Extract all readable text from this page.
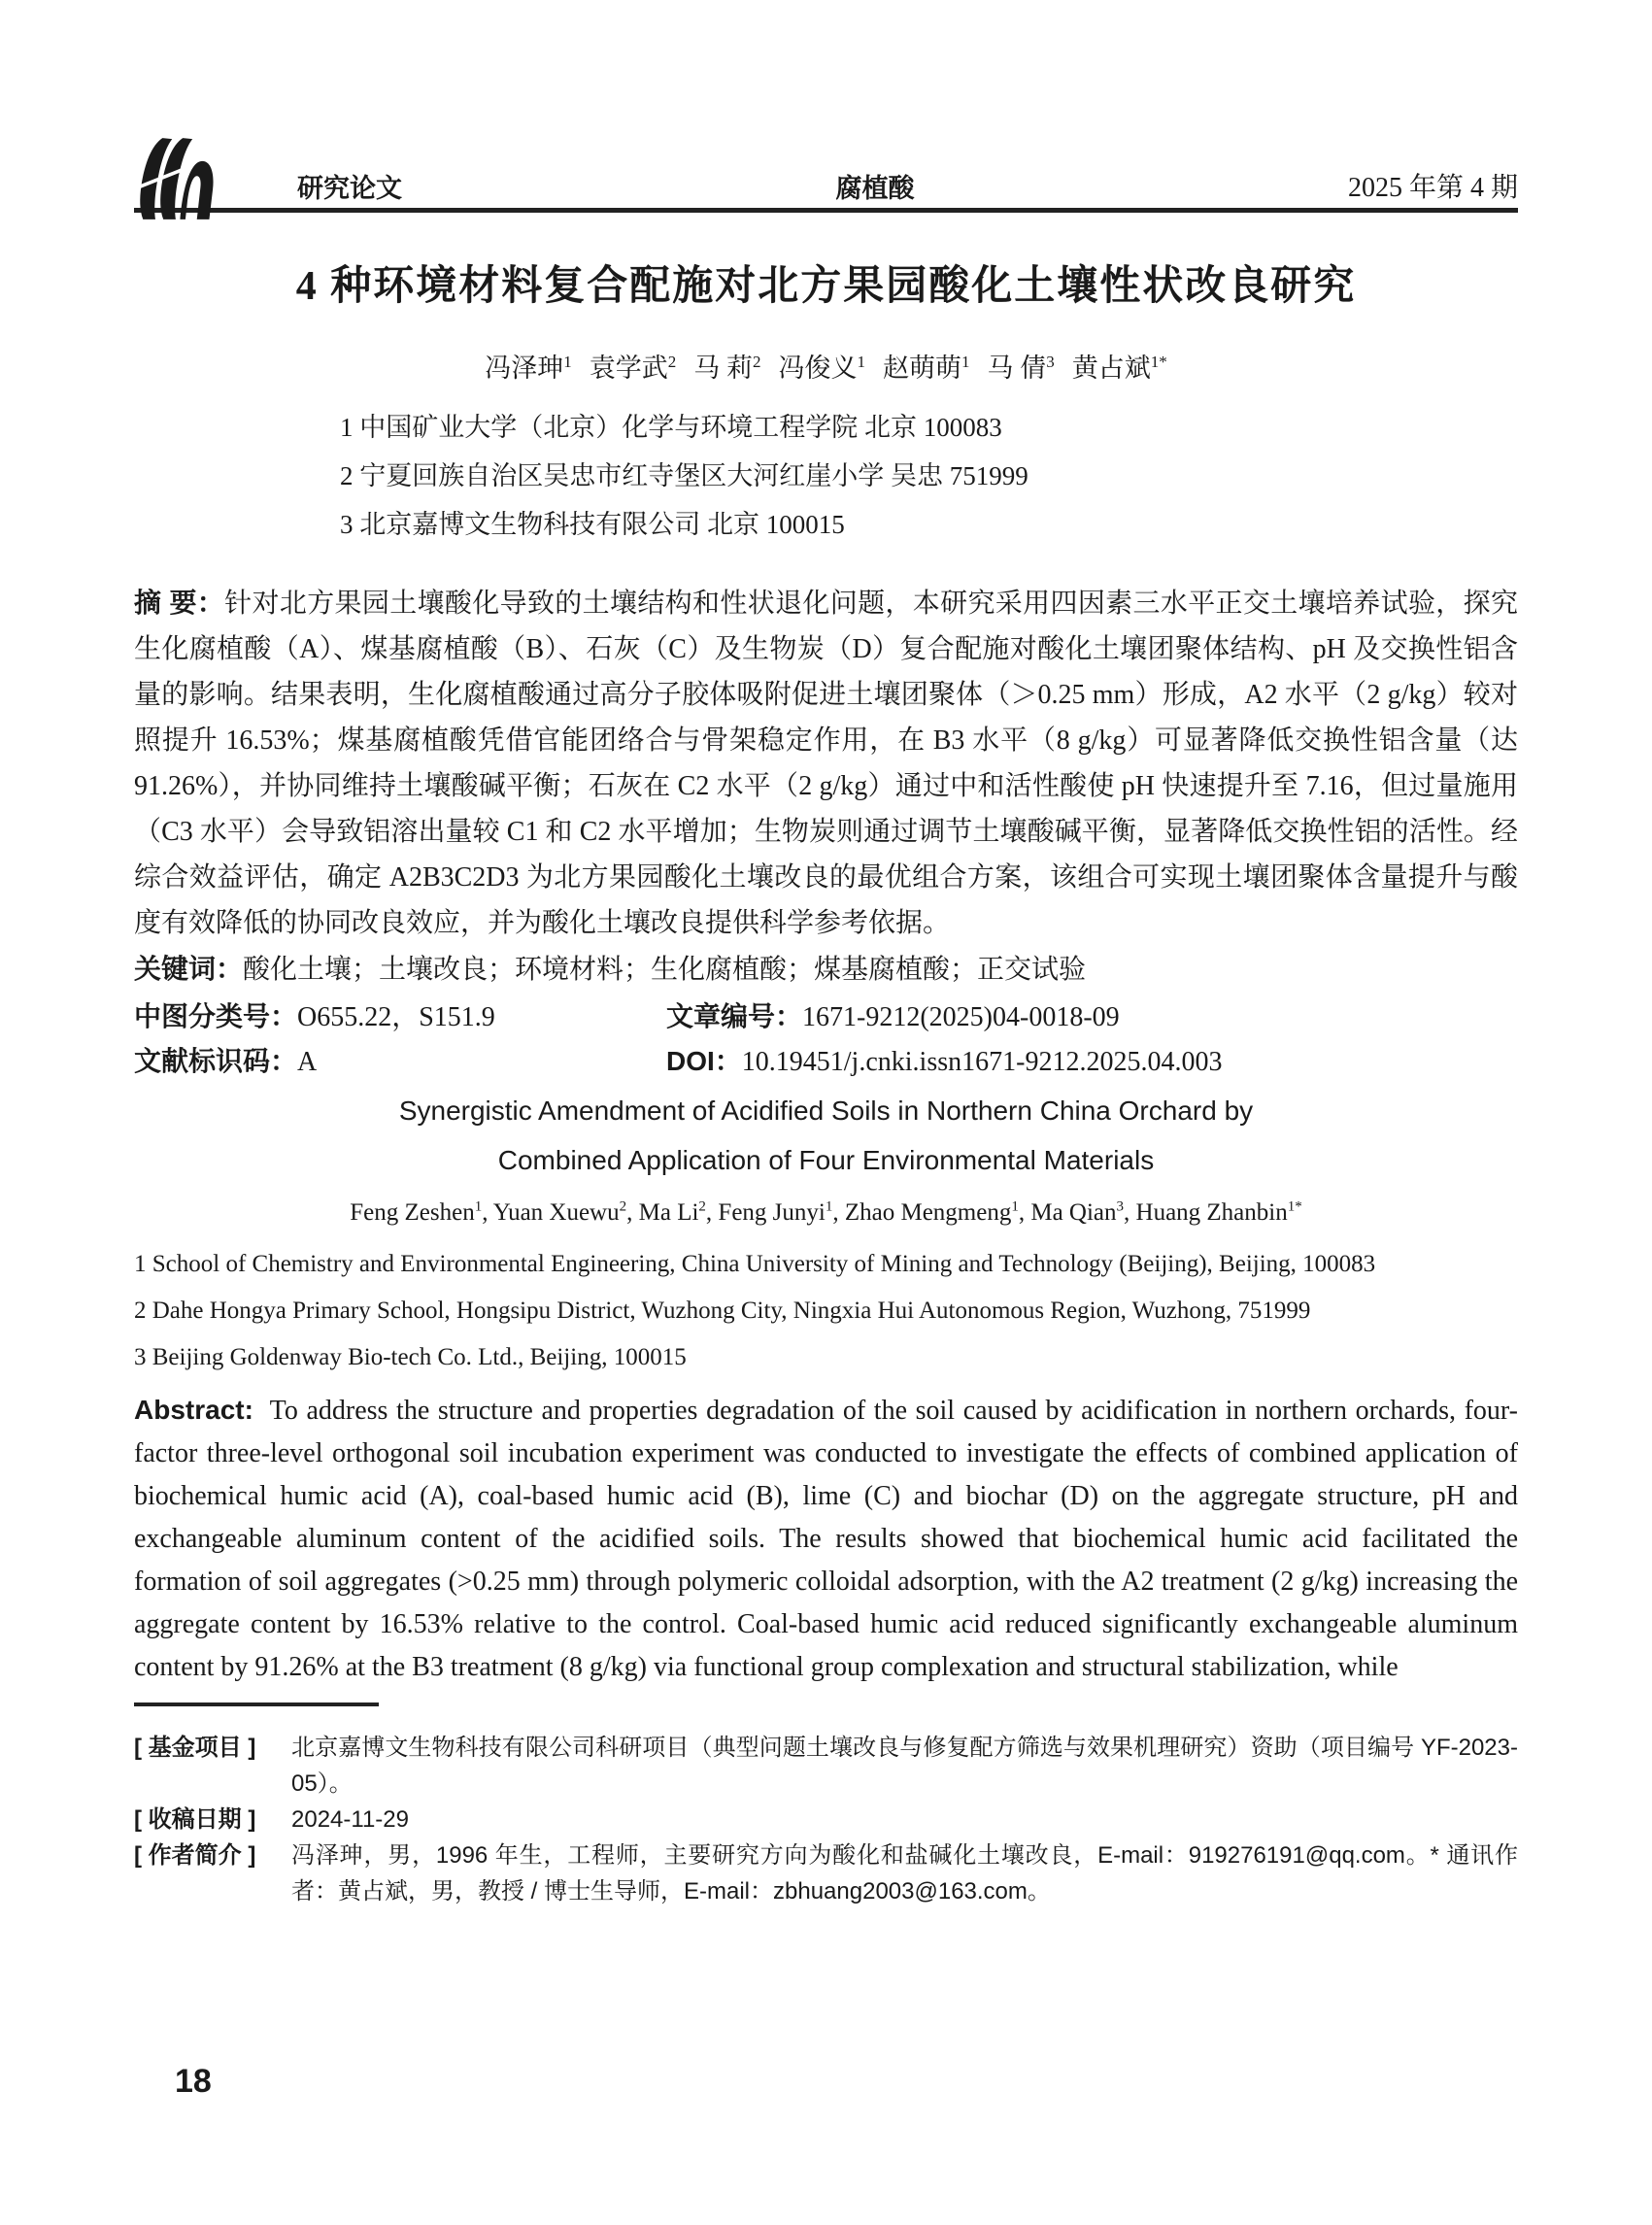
研究论文	腐植酸	2025 年第 4 期
4 种环境材料复合配施对北方果园酸化土壤性状改良研究
冯泽珅$^1$ 袁学武$^2$ 马 莉$^2$ 冯俊义$^1$ 赵萌萌$^1$ 马 倩$^3$ 黄占斌$^{1*}$
1 中国矿业大学（北京）化学与环境工程学院 北京 100083
2 宁夏回族自治区吴忠市红寺堡区大河红崖小学 吴忠 751999
3 北京嘉博文生物科技有限公司 北京 100015

摘 要：针对北方果园土壤酸化导致的土壤结构和性状退化问题，本研究采用四因素三水平正交土壤培养试验，探究生化腐植酸（A）、煤基腐植酸（B）、石灰（C）及生物炭（D）复合配施对酸化土壤团聚体结构、pH 及交换性铝含量的影响。结果表明，生化腐植酸通过高分子胶体吸附促进土壤团聚体（＞0.25 mm）形成，A2 水平（2 g/kg）较对照提升 16.53%；煤基腐植酸凭借官能团络合与骨架稳定作用，在 B3 水平（8 g/kg）可显著降低交换性铝含量（达 91.26%），并协同维持土壤酸碱平衡；石灰在 C2 水平（2 g/kg）通过中和活性酸使 pH 快速提升至 7.16，但过量施用（C3 水平）会导致铝溶出量较 C1 和 C2 水平增加；生物炭则通过调节土壤酸碱平衡，显著降低交换性铝的活性。经综合效益评估，确定 A2B3C2D3 为北方果园酸化土壤改良的最优组合方案，该组合可实现土壤团聚体含量提升与酸度有效降低的协同改良效应，并为酸化土壤改良提供科学参考依据。

关键词：酸化土壤；土壤改良；环境材料；生化腐植酸；煤基腐植酸；正交试验

中图分类号：O655.22，S151.9	文章编号：1671-9212(2025)04-0018-09
文献标识码：A	DOI：10.19451/j.cnki.issn1671-9212.2025.04.003
Synergistic Amendment of Acidified Soils in Northern China Orchard by
Combined Application of Four Environmental Materials
Feng Zeshen$^1$, Yuan Xuewu$^2$, Ma Li$^2$, Feng Junyi$^1$, Zhao Mengmeng$^1$, Ma Qian$^3$, Huang Zhanbin$^{1*}$
1 School of Chemistry and Environmental Engineering, China University of Mining and Technology (Beijing), Beijing, 100083
2 Dahe Hongya Primary School, Hongsipu District, Wuzhong City, Ningxia Hui Autonomous Region, Wuzhong, 751999
3 Beijing Goldenway Bio-tech Co. Ltd., Beijing, 100015

Abstract: To address the structure and properties degradation of the soil caused by acidification in northern orchards, four-factor three-level orthogonal soil incubation experiment was conducted to investigate the effects of combined application of biochemical humic acid (A), coal-based humic acid (B), lime (C) and biochar (D) on the aggregate structure, pH and exchangeable aluminum content of the acidified soils. The results showed that biochemical humic acid facilitated the formation of soil aggregates (>0.25 mm) through polymeric colloidal adsorption, with the A2 treatment (2 g/kg) increasing the aggregate content by 16.53% relative to the control. Coal-based humic acid reduced significantly exchangeable aluminum content by 91.26% at the B3 treatment (8 g/kg) via functional group complexation and structural stabilization, while

[ 基金项目 ] 北京嘉博文生物科技有限公司科研项目（典型问题土壤改良与修复配方筛选与效果机理研究）资助（项目编号 YF-2023-05）。
[ 收稿日期 ] 2024-11-29
[ 作者简介 ] 冯泽珅，男，1996 年生，工程师，主要研究方向为酸化和盐碱化土壤改良，E-mail：919276191@qq.com。* 通讯作者：黄占斌，男，教授 / 博士生导师，E-mail：zbhuang2003@163.com。
18
